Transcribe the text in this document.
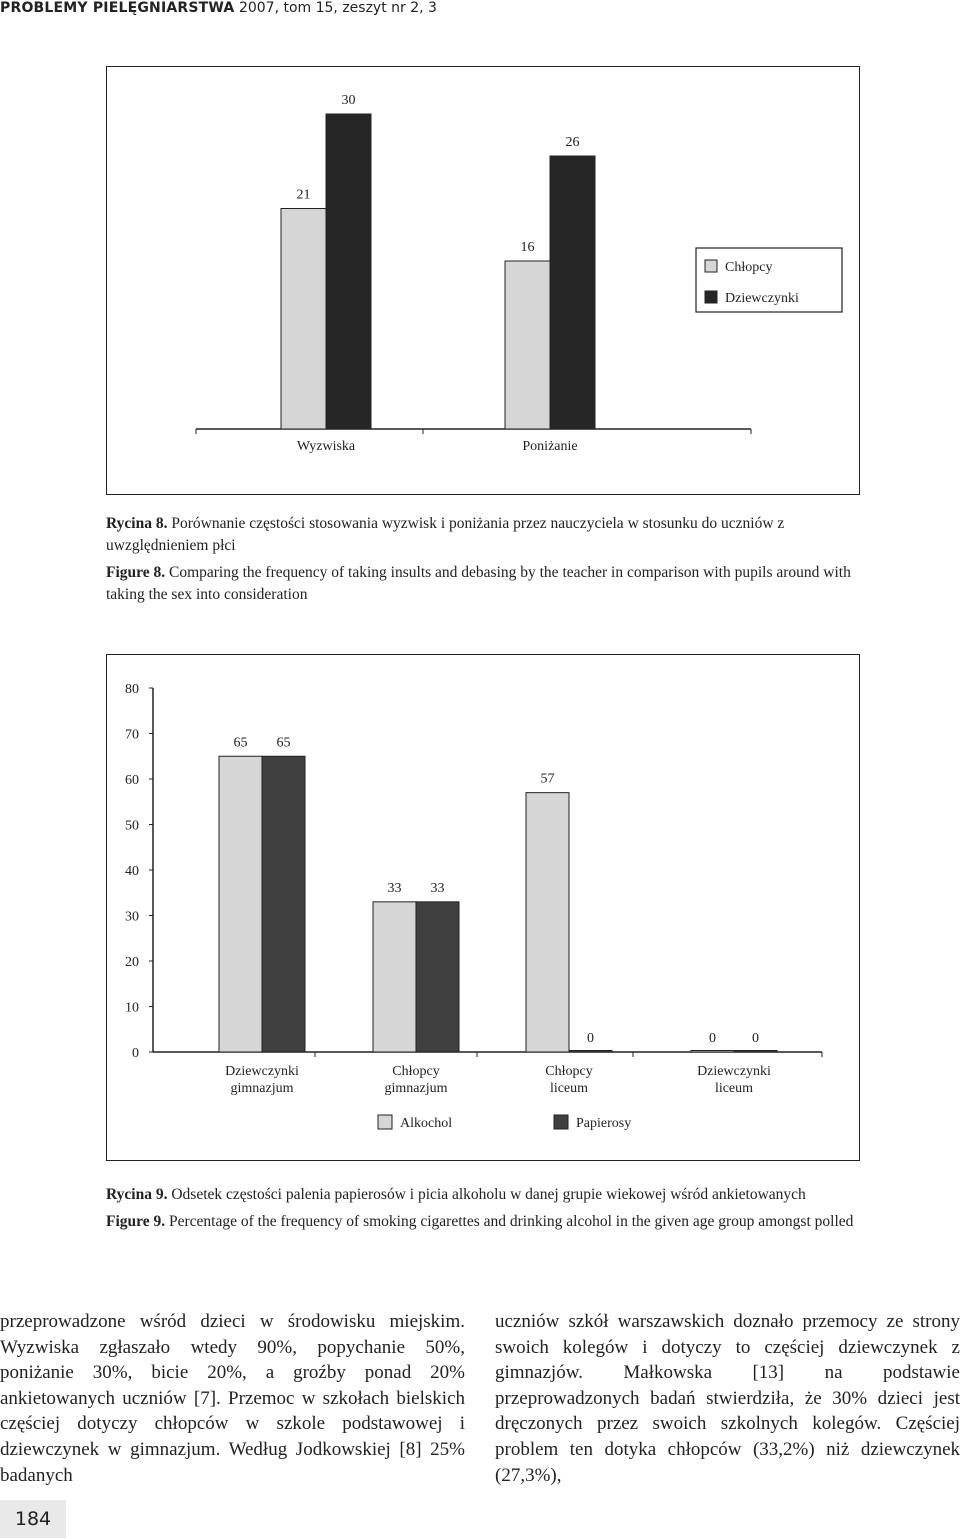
PROBLEMY PIELĘGNIARSTWA 2007, tom 15, zeszyt nr 2, 3
21
30
Wyzwiska
16
26
Poniżanie
Chłopcy
Dziewczynki
Rycina 8. Porównanie częstości stosowania wyzwisk i poniżania przez nauczyciela w stosunku do uczniów z uwzględnieniem płci
Figure 8. Comparing the frequency of taking insults and debasing by the teacher in comparison with pupils around with taking the sex into consideration
0
10
20
30
40
50
60
70
80
65 65
Dziewczynki gimnazjum
33 33
Chłopcy gimnazjum
57
0
Chłopcy liceum
0	0
Dziewczynki liceum
Alkochol	Papierosy
Rycina 9. Odsetek częstości palenia papierosów i picia alkoholu w danej grupie wiekowej wśród ankietowanych
Figure 9. Percentage of the frequency of smoking cigarettes and drinking alcohol in the given age group amongst polled

przeprowadzone wśród dzieci w środowisku miejskim. Wyzwiska zgłaszało wtedy 90%, popychanie 50%, poniżanie 30%, bicie 20%, a groźby ponad 20% ankietowanych uczniów [7]. Przemoc w szkołach bielskich częściej dotyczy chłopców w szkole podstawowej i dziewczynek w gimnazjum. Według Jodkowskiej [8] 25% badanych

uczniów szkół warszawskich doznało przemocy ze strony swoich kolegów i dotyczy to częściej dziewczynek z gimnazjów. Małkowska [13] na podstawie przeprowadzonych badań stwierdziła, że 30% dzieci jest dręczonych przez swoich szkolnych kolegów. Częściej problem ten dotyka chłopców (33,2%) niż dziewczynek (27,3%),

184
